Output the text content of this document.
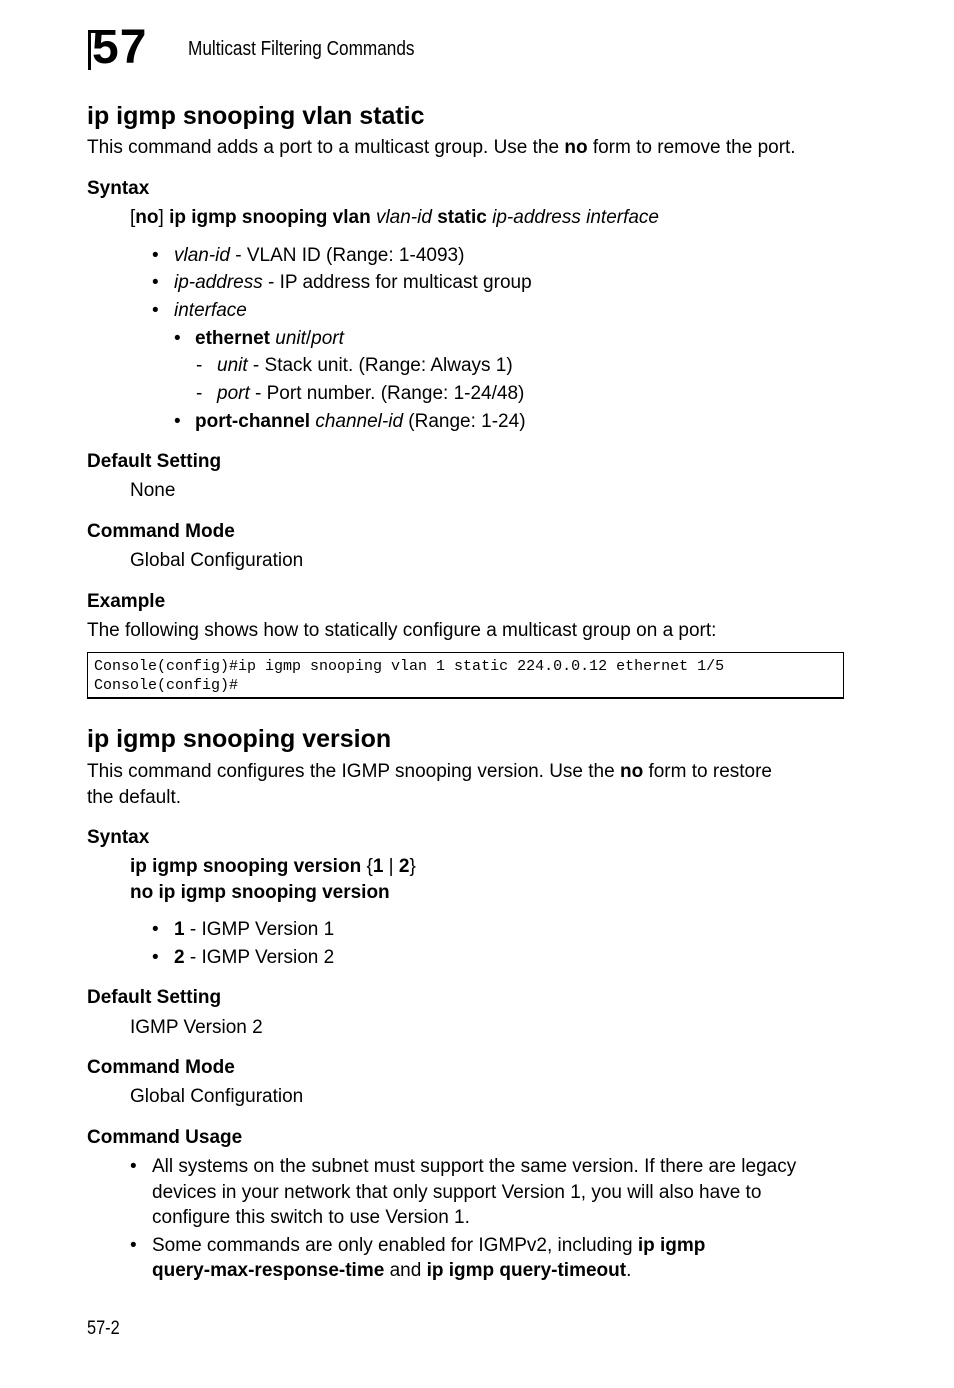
57 Multicast Filtering Commands
ip igmp snooping vlan static
This command adds a port to a multicast group. Use the no form to remove the port.
Syntax
[no] ip igmp snooping vlan vlan-id static ip-address interface
• vlan-id - VLAN ID (Range: 1-4093)
• ip-address - IP address for multicast group
• interface
• ethernet unit/port
- unit - Stack unit. (Range: Always 1)
- port - Port number. (Range: 1-24/48)
• port-channel channel-id (Range: 1-24)
Default Setting
None
Command Mode
Global Configuration
Example
The following shows how to statically configure a multicast group on a port:
Console(config)#ip igmp snooping vlan 1 static 224.0.0.12 ethernet 1/5
Console(config)#
ip igmp snooping version
This command configures the IGMP snooping version. Use the no form to restore
the default.
Syntax
ip igmp snooping version {1 | 2}
no ip igmp snooping version
• 1 - IGMP Version 1
• 2 - IGMP Version 2
Default Setting
IGMP Version 2
Command Mode
Global Configuration
Command Usage
• All systems on the subnet must support the same version. If there are legacy
devices in your network that only support Version 1, you will also have to
configure this switch to use Version 1.
• Some commands are only enabled for IGMPv2, including ip igmp
query-max-response-time and ip igmp query-timeout.
57-2
